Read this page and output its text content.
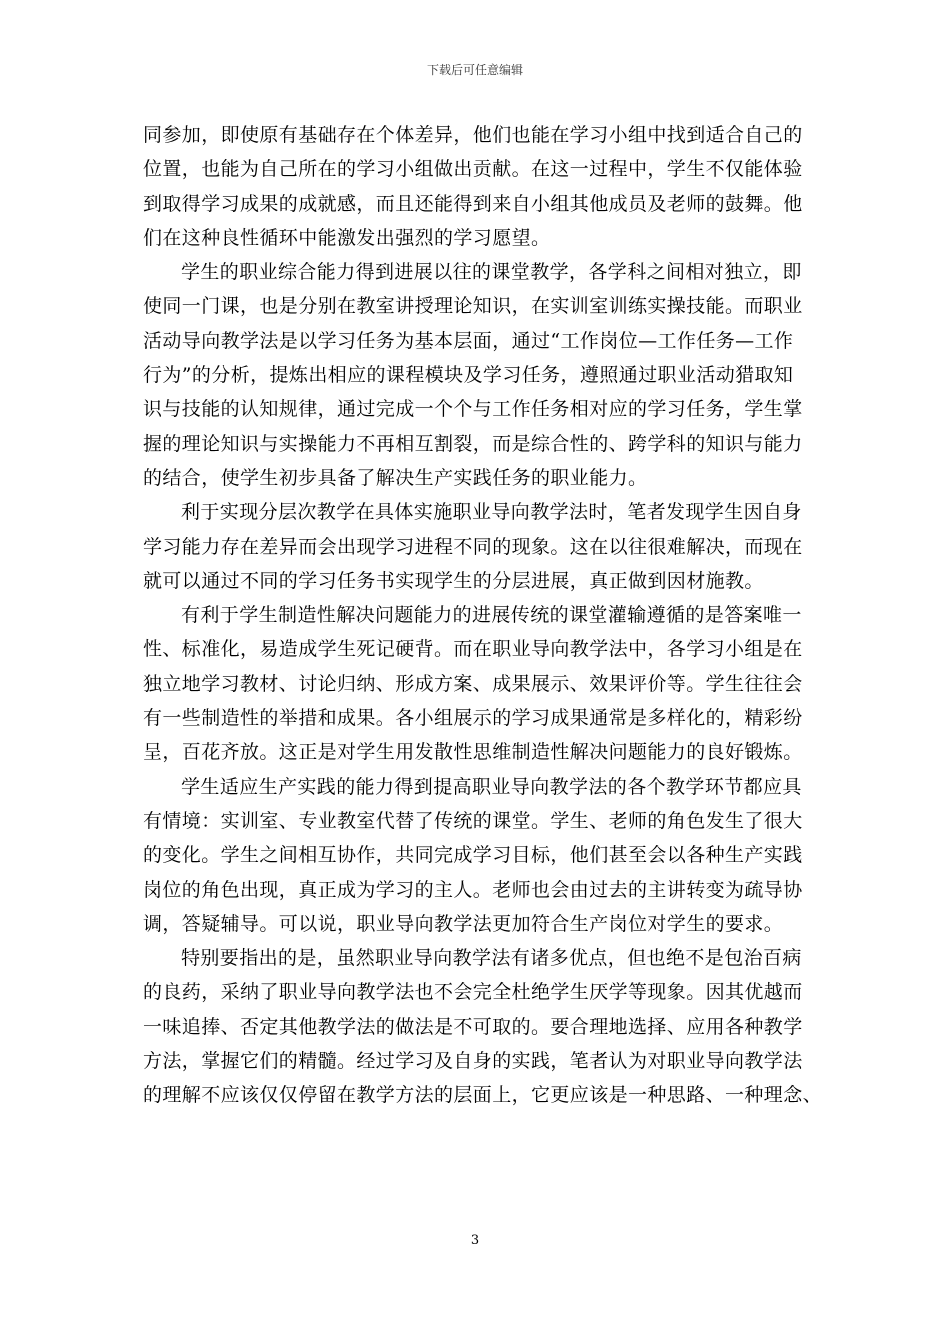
下载后可任意编辑

同参加，即使原有基础存在个体差异，他们也能在学习小组中找到适合自己的
位置，也能为自己所在的学习小组做出贡献。在这一过程中，学生不仅能体验
到取得学习成果的成就感，而且还能得到来自小组其他成员及老师的鼓舞。他
们在这种良性循环中能激发出强烈的学习愿望。

学生的职业综合能力得到进展以往的课堂教学，各学科之间相对独立，即
使同一门课，也是分别在教室讲授理论知识，在实训室训练实操技能。而职业
活动导向教学法是以学习任务为基本层面，通过“工作岗位—工作任务—工作
行为”的分析，提炼出相应的课程模块及学习任务，遵照通过职业活动猎取知
识与技能的认知规律，通过完成一个个与工作任务相对应的学习任务，学生掌
握的理论知识与实操能力不再相互割裂，而是综合性的、跨学科的知识与能力
的结合，使学生初步具备了解决生产实践任务的职业能力。

利于实现分层次教学在具体实施职业导向教学法时，笔者发现学生因自身
学习能力存在差异而会出现学习进程不同的现象。这在以往很难解决，而现在
就可以通过不同的学习任务书实现学生的分层进展，真正做到因材施教。

有利于学生制造性解决问题能力的进展传统的课堂灌输遵循的是答案唯一
性、标准化，易造成学生死记硬背。而在职业导向教学法中，各学习小组是在
独立地学习教材、讨论归纳、形成方案、成果展示、效果评价等。学生往往会
有一些制造性的举措和成果。各小组展示的学习成果通常是多样化的，精彩纷
呈，百花齐放。这正是对学生用发散性思维制造性解决问题能力的良好锻炼。

学生适应生产实践的能力得到提高职业导向教学法的各个教学环节都应具
有情境：实训室、专业教室代替了传统的课堂。学生、老师的角色发生了很大
的变化。学生之间相互协作，共同完成学习目标，他们甚至会以各种生产实践
岗位的角色出现，真正成为学习的主人。老师也会由过去的主讲转变为疏导协
调，答疑辅导。可以说，职业导向教学法更加符合生产岗位对学生的要求。

特别要指出的是，虽然职业导向教学法有诸多优点，但也绝不是包治百病
的良药，采纳了职业导向教学法也不会完全杜绝学生厌学等现象。因其优越而
一味追捧、否定其他教学法的做法是不可取的。要合理地选择、应用各种教学
方法，掌握它们的精髓。经过学习及自身的实践，笔者认为对职业导向教学法
的理解不应该仅仅停留在教学方法的层面上，它更应该是一种思路、一种理念、

3
